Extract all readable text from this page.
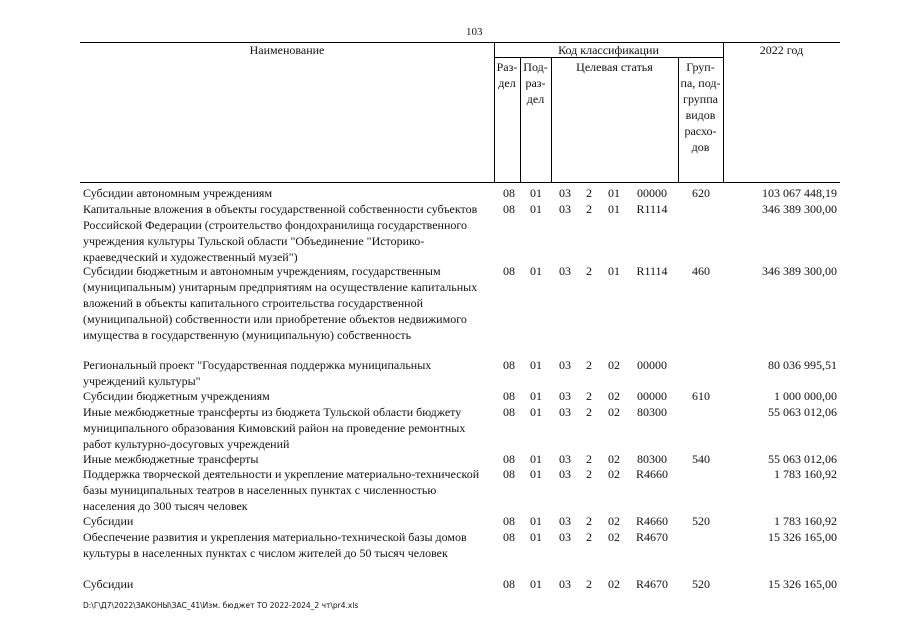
103
Наименование	Код классификации	2022 год
Раз-
дел
Под-
раз-
дел
Целевая статья	Груп-
па, под-
группа
видов
расхо-
дов
Субсидии автономным учреждениям	08	01	03	2	01	00000	620	103 067 448,19
Капитальные вложения в объекты государственной собственности субъектов
Российской Федерации (строительство фондохранилища государственного
учреждения культуры Тульской области "Объединение "Историко-
краеведческий и художественный музей")
08	01	03	2	01	R1114	346 389 300,00
Субсидии бюджетным и автономным учреждениям, государственным
(муниципальным) унитарным предприятиям на осуществление капитальных
вложений в объекты капитального строительства государственной
(муниципальной) собственности или приобретение объектов недвижимого
имущества в государственную (муниципальную) собственность
08	01	03	2	01	R1114	460	346 389 300,00
Региональный проект "Государственная поддержка муниципальных
учреждений культуры"
08	01	03	2	02	00000	80 036 995,51
Субсидии бюджетным учреждениям	08	01	03	2	02	00000	610	1 000 000,00
Иные межбюджетные трансферты из бюджета Тульской области бюджету
муниципального образования Кимовский район на проведение ремонтных
работ культурно-досуговых учреждений
08	01	03	2	02	80300	55 063 012,06
Иные межбюджетные трансферты	08	01	03	2	02	80300	540	55 063 012,06
Поддержка творческой деятельности и укрепление материально-технической
базы муниципальных театров в населенных пунктах с численностью
населения до 300 тысяч человек
08	01	03	2	02	R4660	1 783 160,92
Субсидии	08	01	03	2	02	R4660	520	1 783 160,92
Обеспечение развития и укрепления материально-технической базы домов
культуры в населенных пунктах с числом жителей до 50 тысяч человек
08	01	03	2	02	R4670	15 326 165,00
Субсидии	08	01	03	2	02	R4670	520	15 326 165,00
D:\Г\Д7\2022\ЗАКОНЫ\ЗАС_41\Изм. бюджет ТО 2022-2024_2 чт\pr4.xls
